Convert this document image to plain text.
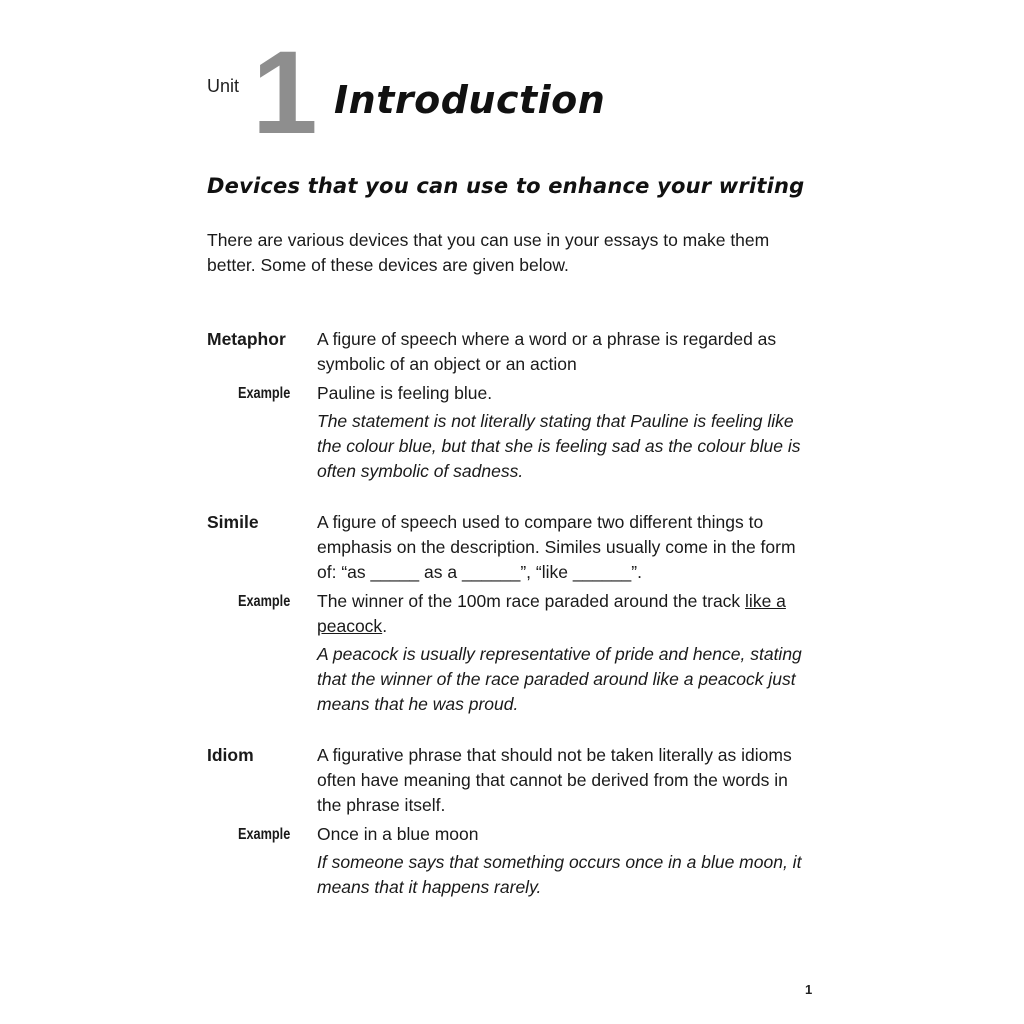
Unit 1 Introduction
Devices that you can use to enhance your writing
There are various devices that you can use in your essays to make them better. Some of these devices are given below.
Metaphor A figure of speech where a word or a phrase is regarded as symbolic of an object or an action
Example Pauline is feeling blue.
The statement is not literally stating that Pauline is feeling like the colour blue, but that she is feeling sad as the colour blue is often symbolic of sadness.
Simile	A figure of speech used to compare two different things to emphasis on the description. Similes usually come in the form of: “as _____ as a ______”, “like ______”.
Example The winner of the 100m race paraded around the track like a peacock.
A peacock is usually representative of pride and hence, stating that the winner of the race paraded around like a peacock just means that he was proud.
Idiom	A figurative phrase that should not be taken literally as idioms often have meaning that cannot be derived from the words in the phrase itself.
Example Once in a blue moon
If someone says that something occurs once in a blue moon, it means that it happens rarely.
1
